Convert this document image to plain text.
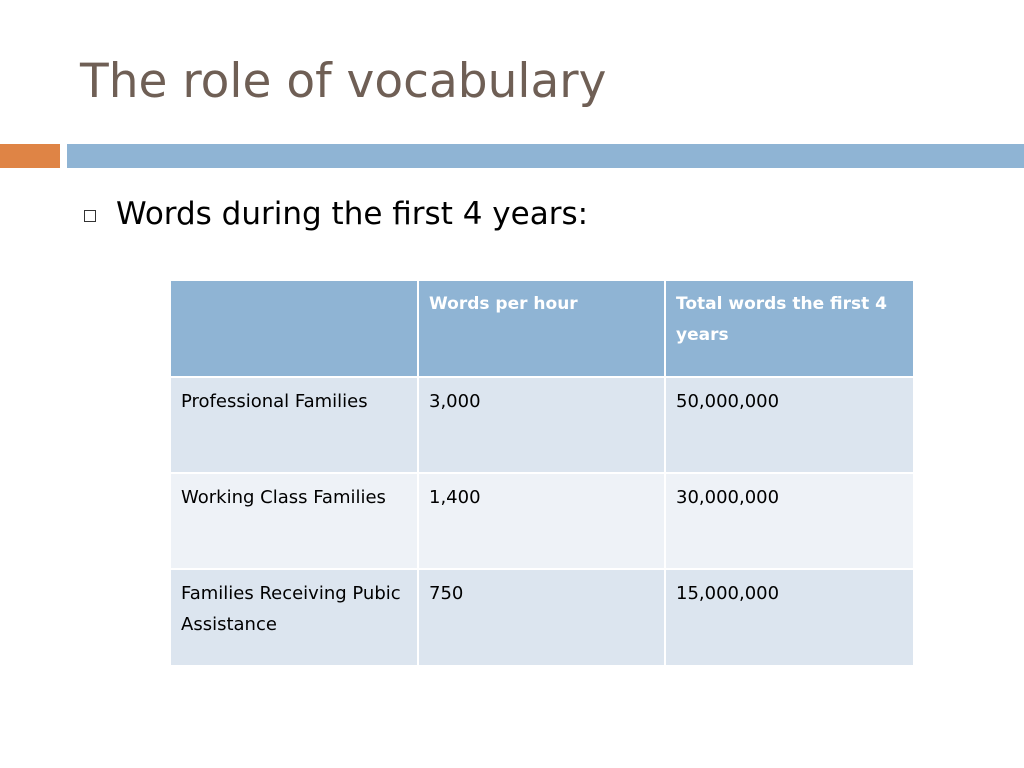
The role of vocabulary
Words during the first 4 years:
	Words per hour	Total words the first 4 years
Professional Families	3,000	50,000,000
Working Class Families	1,400	30,000,000
Families Receiving Pubic Assistance	750	15,000,000
